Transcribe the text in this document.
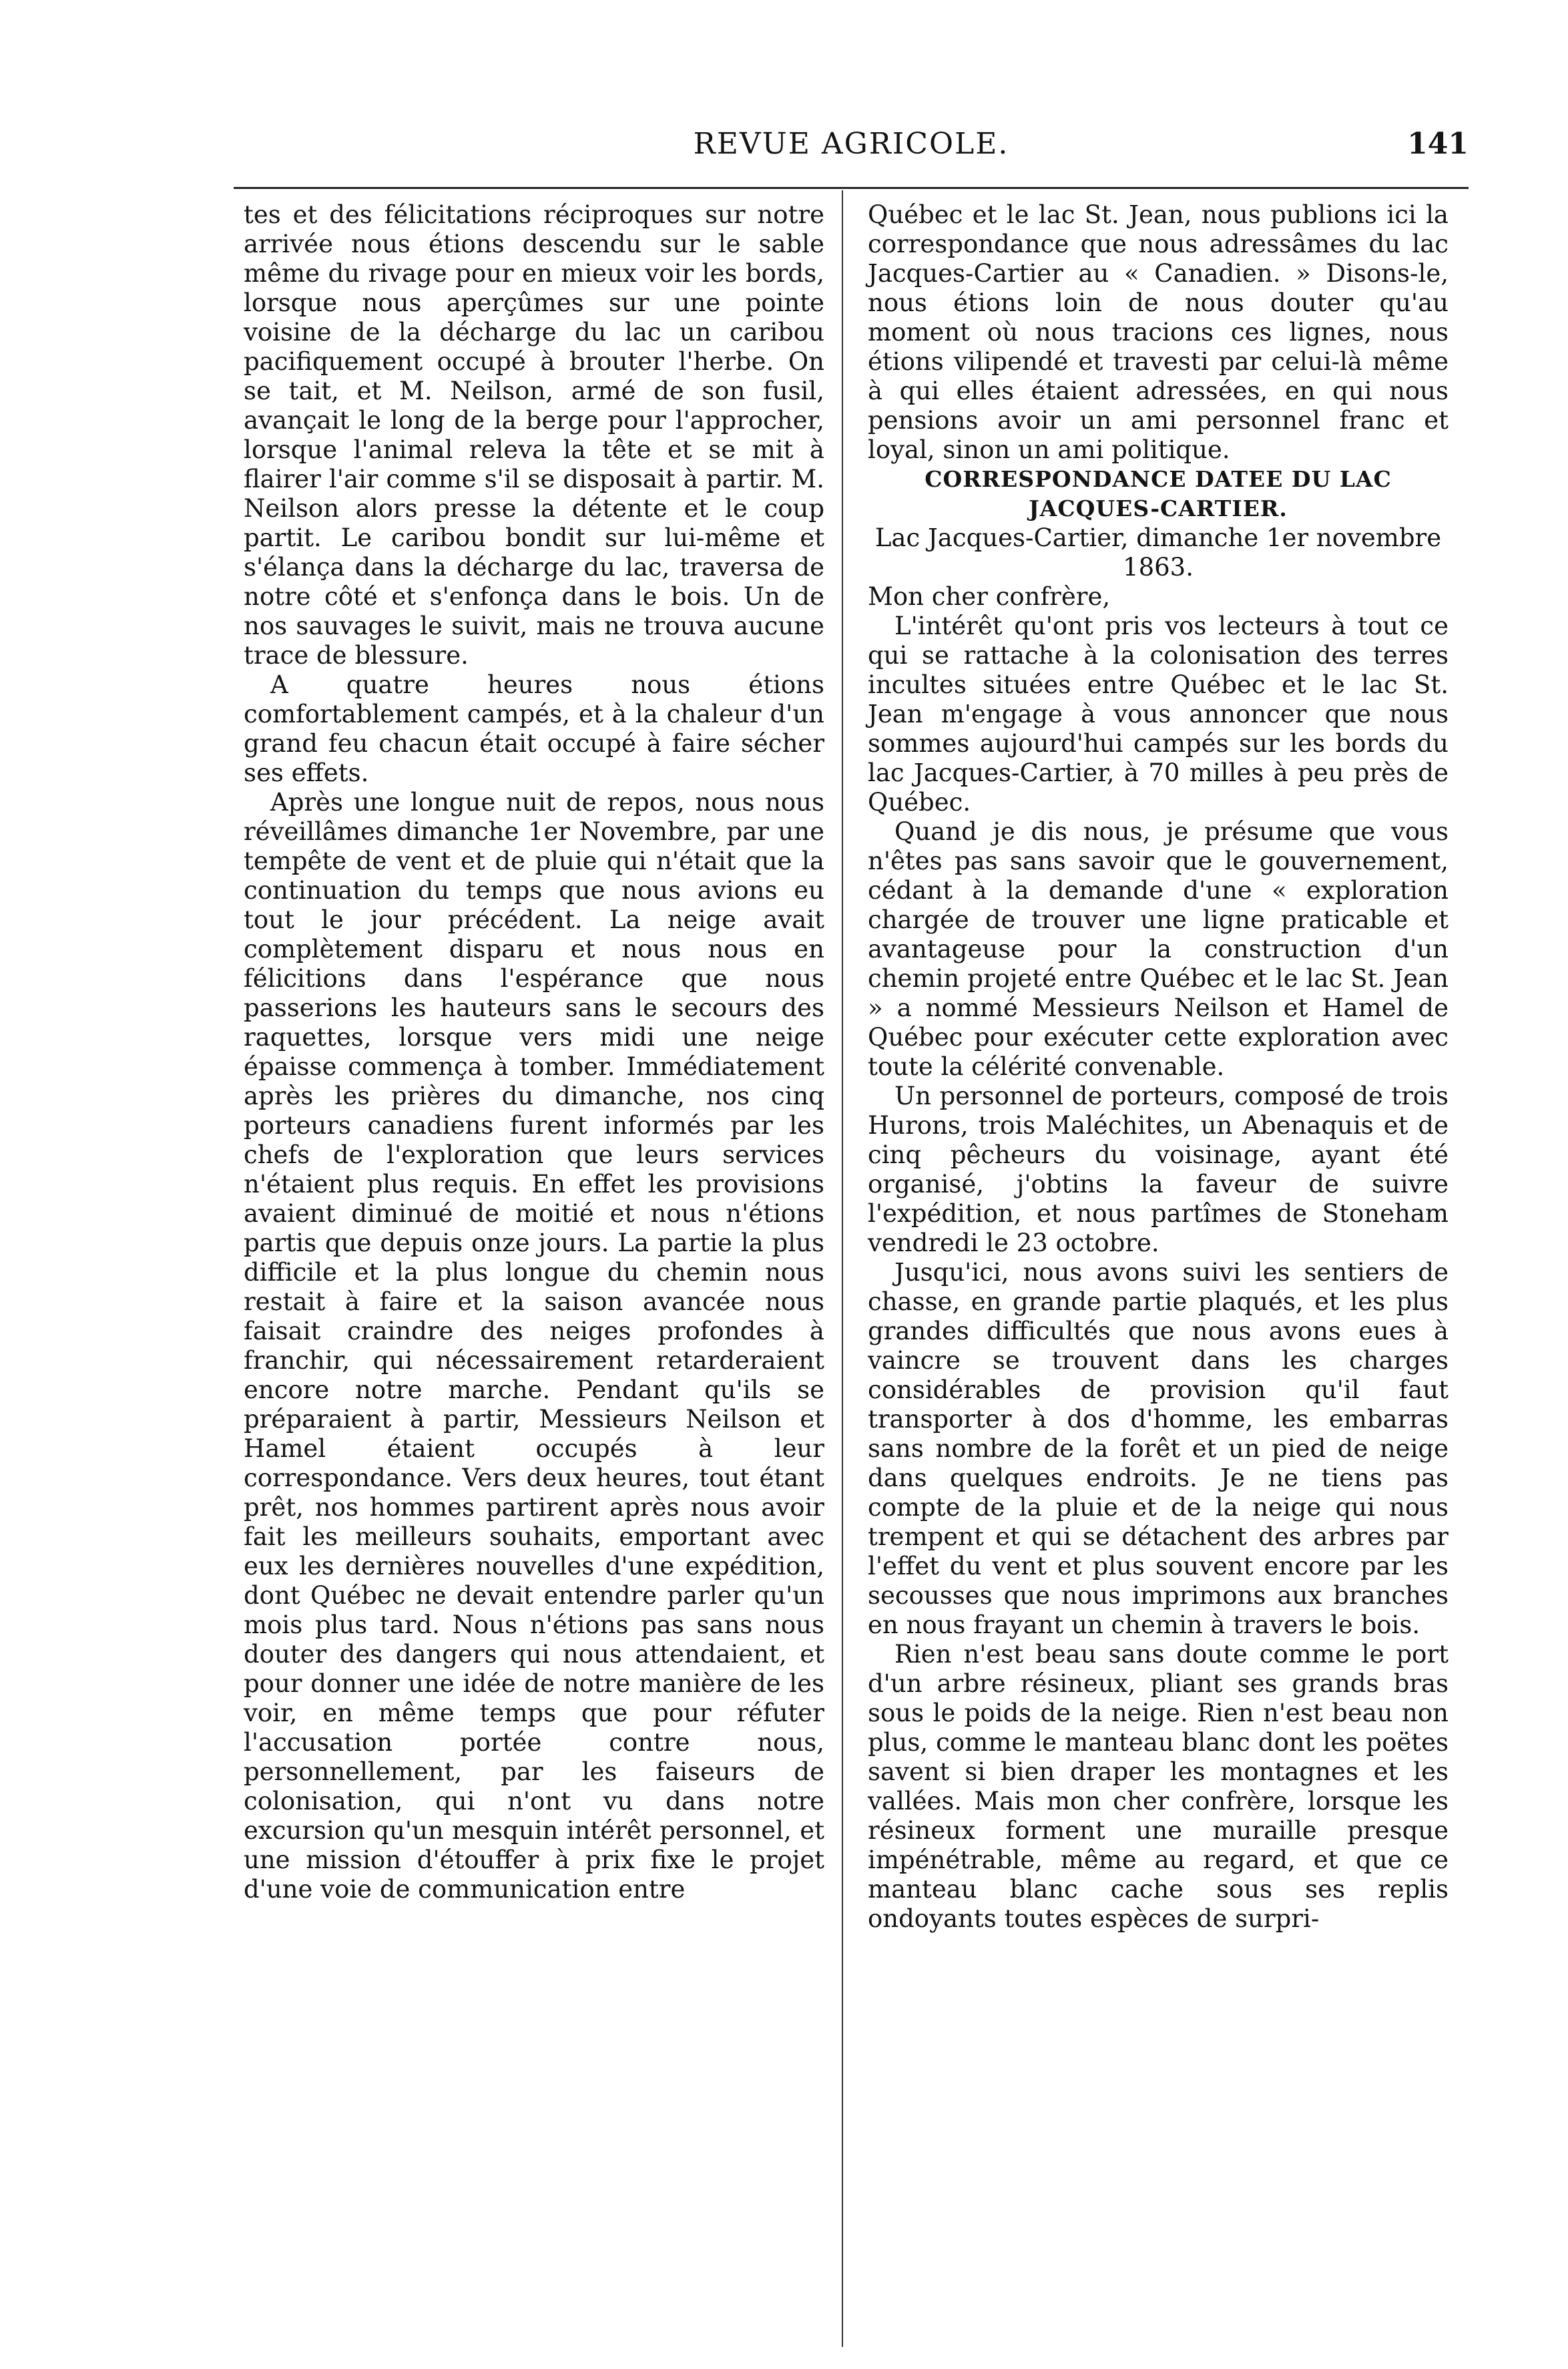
REVUE AGRICOLE.	141

tes et des félicitations réciproques sur notre arrivée nous étions descendu sur le sable même du rivage pour en mieux voir les bords, lorsque nous aperçûmes sur une pointe voisine de la décharge du lac un caribou pacifiquement occupé à brouter l'herbe. On se tait, et M. Neilson, armé de son fusil, avançait le long de la berge pour l'approcher, lorsque l'animal releva la tête et se mit à flairer l'air comme s'il se disposait à partir. M. Neilson alors presse la détente et le coup partit. Le caribou bondit sur lui-même et s'élança dans la décharge du lac, traversa de notre côté et s'enfonça dans le bois. Un de nos sauvages le suivit, mais ne trouva aucune trace de blessure.

A quatre heures nous étions comfortablement campés, et à la chaleur d'un grand feu chacun était occupé à faire sécher ses effets.

Après une longue nuit de repos, nous nous réveillâmes dimanche 1er Novembre, par une tempête de vent et de pluie qui n'était que la continuation du temps que nous avions eu tout le jour précédent. La neige avait complètement disparu et nous nous en félicitions dans l'espérance que nous passerions les hauteurs sans le secours des raquettes, lorsque vers midi une neige épaisse commença à tomber. Immédiatement après les prières du dimanche, nos cinq porteurs canadiens furent informés par les chefs de l'exploration que leurs services n'étaient plus requis. En effet les provisions avaient diminué de moitié et nous n'étions partis que depuis onze jours. La partie la plus difficile et la plus longue du chemin nous restait à faire et la saison avancée nous faisait craindre des neiges profondes à franchir, qui nécessairement retarderaient encore notre marche. Pendant qu'ils se préparaient à partir, Messieurs Neilson et Hamel étaient occupés à leur correspondance. Vers deux heures, tout étant prêt, nos hommes partirent après nous avoir fait les meilleurs souhaits, emportant avec eux les dernières nouvelles d'une expédition, dont Québec ne devait entendre parler qu'un mois plus tard. Nous n'étions pas sans nous douter des dangers qui nous attendaient, et pour donner une idée de notre manière de les voir, en même temps que pour réfuter l'accusation portée contre nous, personnellement, par les faiseurs de colonisation, qui n'ont vu dans notre excursion qu'un mesquin intérêt personnel, et une mission d'étouffer à prix fixe le projet d'une voie de communication entre

Québec et le lac St. Jean, nous publions ici la correspondance que nous adressâmes du lac Jacques-Cartier au « Canadien. » Disons-le, nous étions loin de nous douter qu'au moment où nous tracions ces lignes, nous étions vilipendé et travesti par celui-là même à qui elles étaient adressées, en qui nous pensions avoir un ami personnel franc et loyal, sinon un ami politique.

CORRESPONDANCE DATEE DU LAC JACQUES-CARTIER.

Lac Jacques-Cartier, dimanche 1er novembre 1863.

Mon cher confrère,

L'intérêt qu'ont pris vos lecteurs à tout ce qui se rattache à la colonisation des terres incultes situées entre Québec et le lac St. Jean m'engage à vous annoncer que nous sommes aujourd'hui campés sur les bords du lac Jacques-Cartier, à 70 milles à peu près de Québec.

Quand je dis nous, je présume que vous n'êtes pas sans savoir que le gouvernement, cédant à la demande d'une « exploration chargée de trouver une ligne praticable et avantageuse pour la construction d'un chemin projeté entre Québec et le lac St. Jean » a nommé Messieurs Neilson et Hamel de Québec pour exécuter cette exploration avec toute la célérité convenable.

Un personnel de porteurs, composé de trois Hurons, trois Maléchites, un Abenaquis et de cinq pêcheurs du voisinage, ayant été organisé, j'obtins la faveur de suivre l'expédition, et nous partîmes de Stoneham vendredi le 23 octobre.

Jusqu'ici, nous avons suivi les sentiers de chasse, en grande partie plaqués, et les plus grandes difficultés que nous avons eues à vaincre se trouvent dans les charges considérables de provision qu'il faut transporter à dos d'homme, les embarras sans nombre de la forêt et un pied de neige dans quelques endroits. Je ne tiens pas compte de la pluie et de la neige qui nous trempent et qui se détachent des arbres par l'effet du vent et plus souvent encore par les secousses que nous imprimons aux branches en nous frayant un chemin à travers le bois.

Rien n'est beau sans doute comme le port d'un arbre résineux, pliant ses grands bras sous le poids de la neige. Rien n'est beau non plus, comme le manteau blanc dont les poëtes savent si bien draper les montagnes et les vallées. Mais mon cher confrère, lorsque les résineux forment une muraille presque impénétrable, même au regard, et que ce manteau blanc cache sous ses replis ondoyants toutes espèces de surpri-
